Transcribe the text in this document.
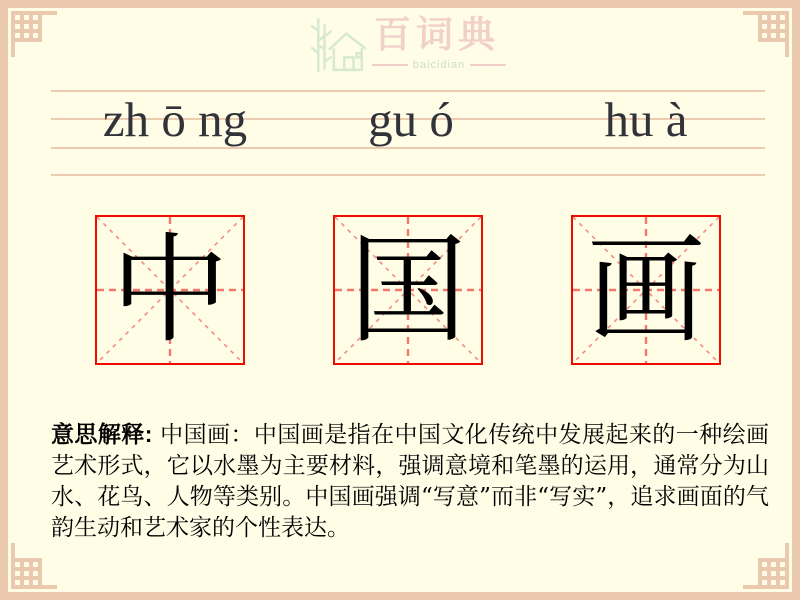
百词典
baicidian
zh ō ng	gu ó	hu à
中 国 画
意思解释: 中国画：中国画是指在中国文化传统中发展起来的一种绘画艺术形式，它以水墨为主要材料，强调意境和笔墨的运用，通常分为山水、花鸟、人物等类别。中国画强调“写意”而非“写实”，追求画面的气韵生动和艺术家的个性表达。
